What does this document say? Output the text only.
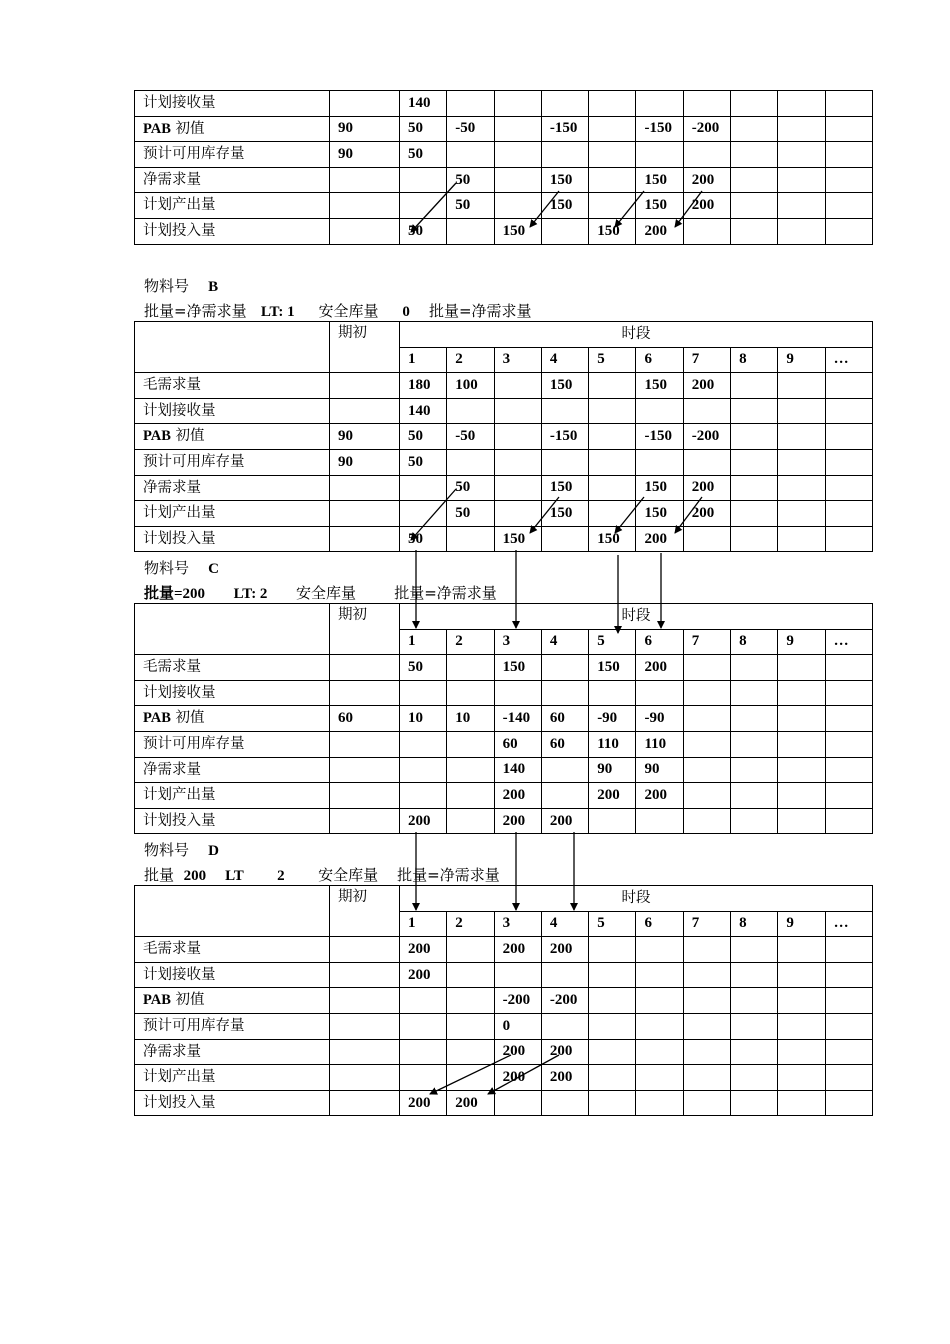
计划接收量		140									
PAB 初值	90	50	-50		-150		-150	-200			
预计可用库存量	90	50									
净需求量			50		150		150	200			
计划产出量			50		150		150	200			
计划投入量		50		150		150	200				
物料号 B
批量=净需求量 LT: 1 安全库量 0 批量=净需求量
	期初	时段									
		1	2	3	4	5	6	7	8	9	…
毛需求量		180	100		150		150	200			
计划接收量		140									
PAB 初值	90	50	-50		-150		-150	-200			
预计可用库存量	90	50									
净需求量			50		150		150	200			
计划产出量			50		150		150	200			
计划投入量		50		150		150	200				
物料号 C
批量=200 LT: 2 安全库量	批量=净需求量
	期初	时段									
		1	2	3	4	5	6	7	8	9	…
毛需求量		50		150		150	200				
计划接收量											
PAB 初值	60	10	10	-140	60	-90	-90				
预计可用库存量				60	60	110	110				
净需求量				140		90	90				
计划产出量				200		200	200				
计划投入量		200		200	200						
物料号 D
批量 200 LT 2 安全库量 批量=净需求量
	期初	时段									
		1	2	3	4	5	6	7	8	9	…
毛需求量		200		200	200						
计划接收量		200									
PAB 初值				-200	-200						
预计可用库存量				0							
净需求量				200	200						
计划产出量				200	200						
计划投入量		200	200								
